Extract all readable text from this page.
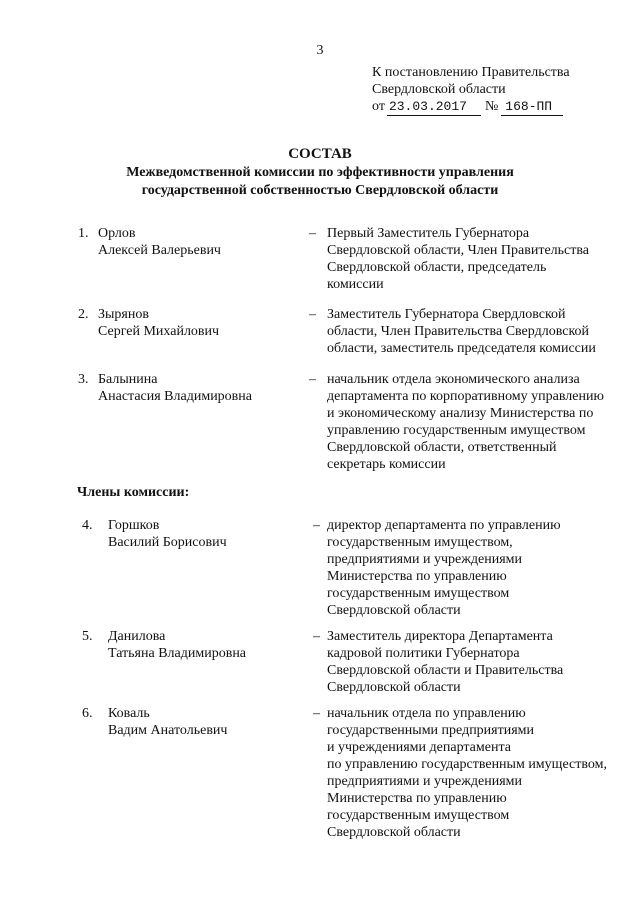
3
К постановлению Правительства
Свердловской области
от 23.03.2017 № 168-ПП
СОСТАВ
Межведомственной комиссии по эффективности управления
государственной собственностью Свердловской области
1. Орлов
Алексей Валерьевич
– Первый Заместитель Губернатора
Свердловской области, Член Правительства
Свердловской области, председатель
комиссии
2. Зырянов
Сергей Михайлович
– Заместитель Губернатора Свердловской
области, Член Правительства Свердловской
области, заместитель председателя комиссии
3. Балынина
Анастасия Владимировна
– начальник отдела экономического анализа
департамента по корпоративному управлению
и экономическому анализу Министерства по
управлению государственным имуществом
Свердловской области, ответственный
секретарь комиссии
Члены комиссии:
4. Горшков
Василий Борисович
– директор департамента по управлению
государственным имуществом,
предприятиями и учреждениями
Министерства по управлению
государственным имуществом
Свердловской области
5. Данилова
Татьяна Владимировна
– Заместитель директора Департамента
кадровой политики Губернатора
Свердловской области и Правительства
Свердловской области
6. Коваль
Вадим Анатольевич
– начальник отдела по управлению
государственными предприятиями
и учреждениями департамента
по управлению государственным имуществом,
предприятиями и учреждениями
Министерства по управлению
государственным имуществом
Свердловской области
